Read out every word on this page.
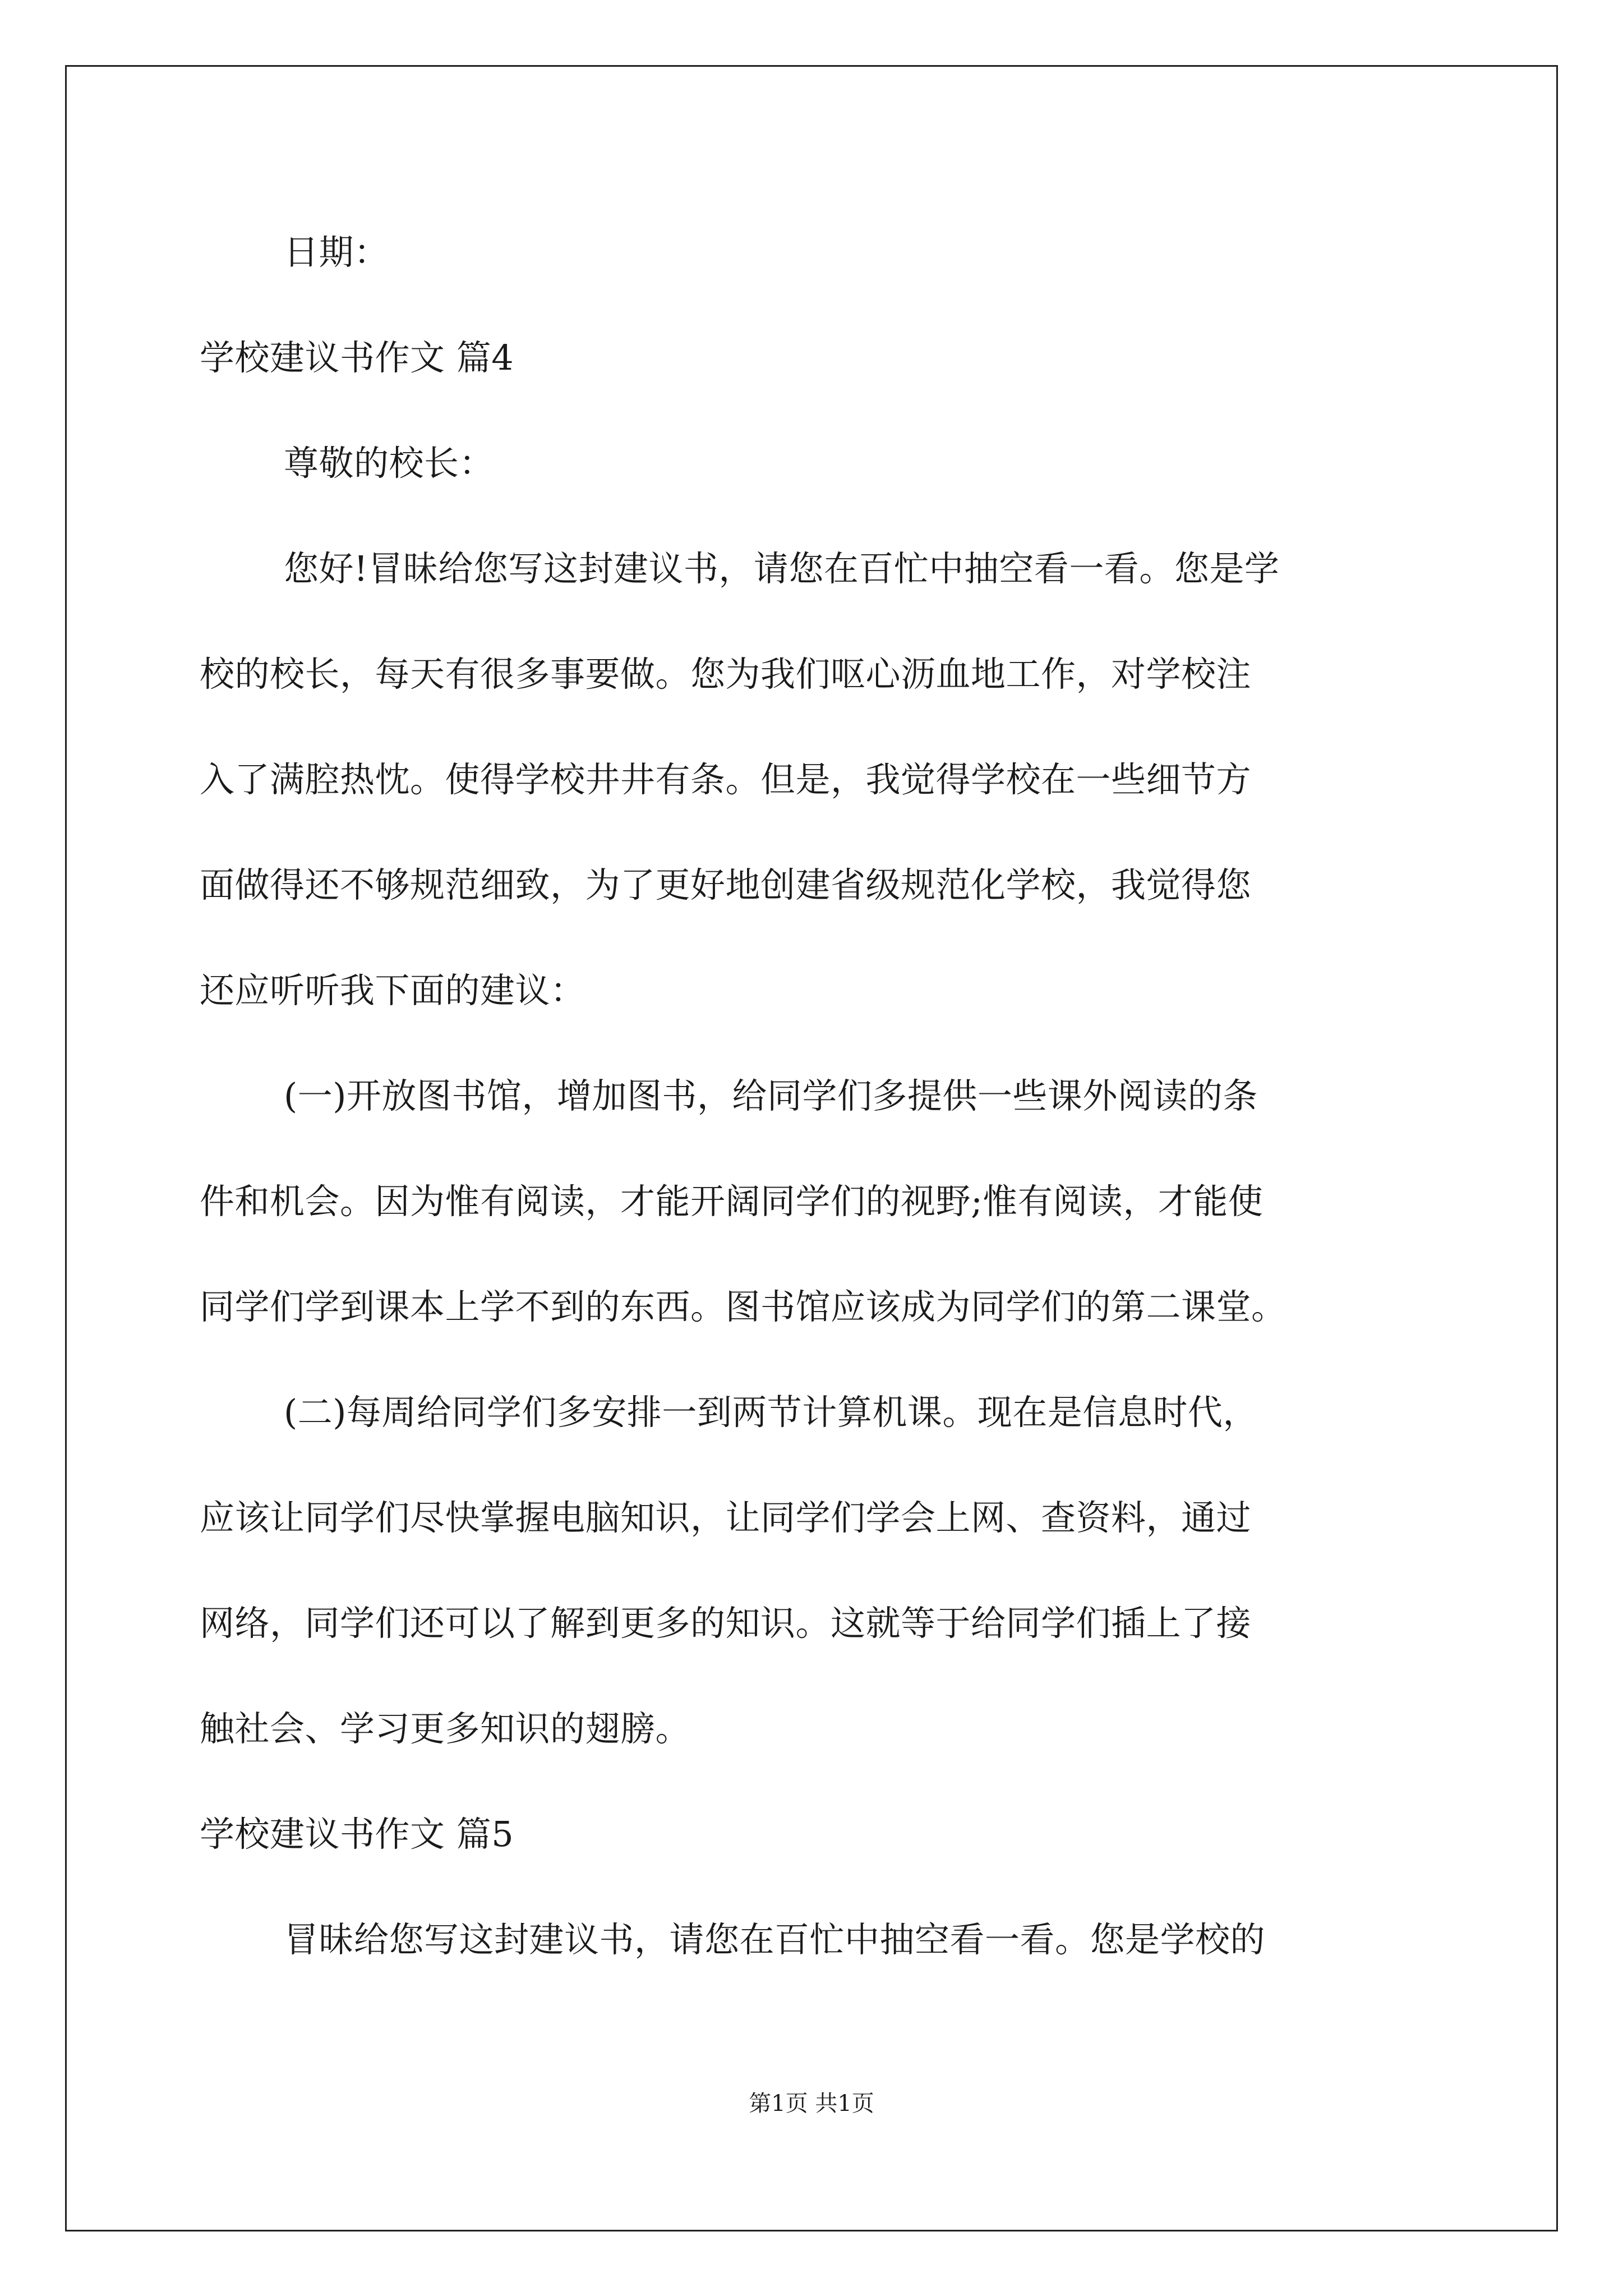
日期：
学校建议书作文 篇4
尊敬的校长：
您好!冒昧给您写这封建议书，请您在百忙中抽空看一看。您是学
校的校长，每天有很多事要做。您为我们呕心沥血地工作，对学校注
入了满腔热忱。使得学校井井有条。但是，我觉得学校在一些细节方
面做得还不够规范细致，为了更好地创建省级规范化学校，我觉得您
还应听听我下面的建议：
(一)开放图书馆，增加图书，给同学们多提供一些课外阅读的条
件和机会。因为惟有阅读，才能开阔同学们的视野;惟有阅读，才能使
同学们学到课本上学不到的东西。图书馆应该成为同学们的第二课堂。
(二)每周给同学们多安排一到两节计算机课。现在是信息时代，
应该让同学们尽快掌握电脑知识，让同学们学会上网、查资料，通过
网络，同学们还可以了解到更多的知识。这就等于给同学们插上了接
触社会、学习更多知识的翅膀。
学校建议书作文 篇5
冒昧给您写这封建议书，请您在百忙中抽空看一看。您是学校的
第1页 共1页
